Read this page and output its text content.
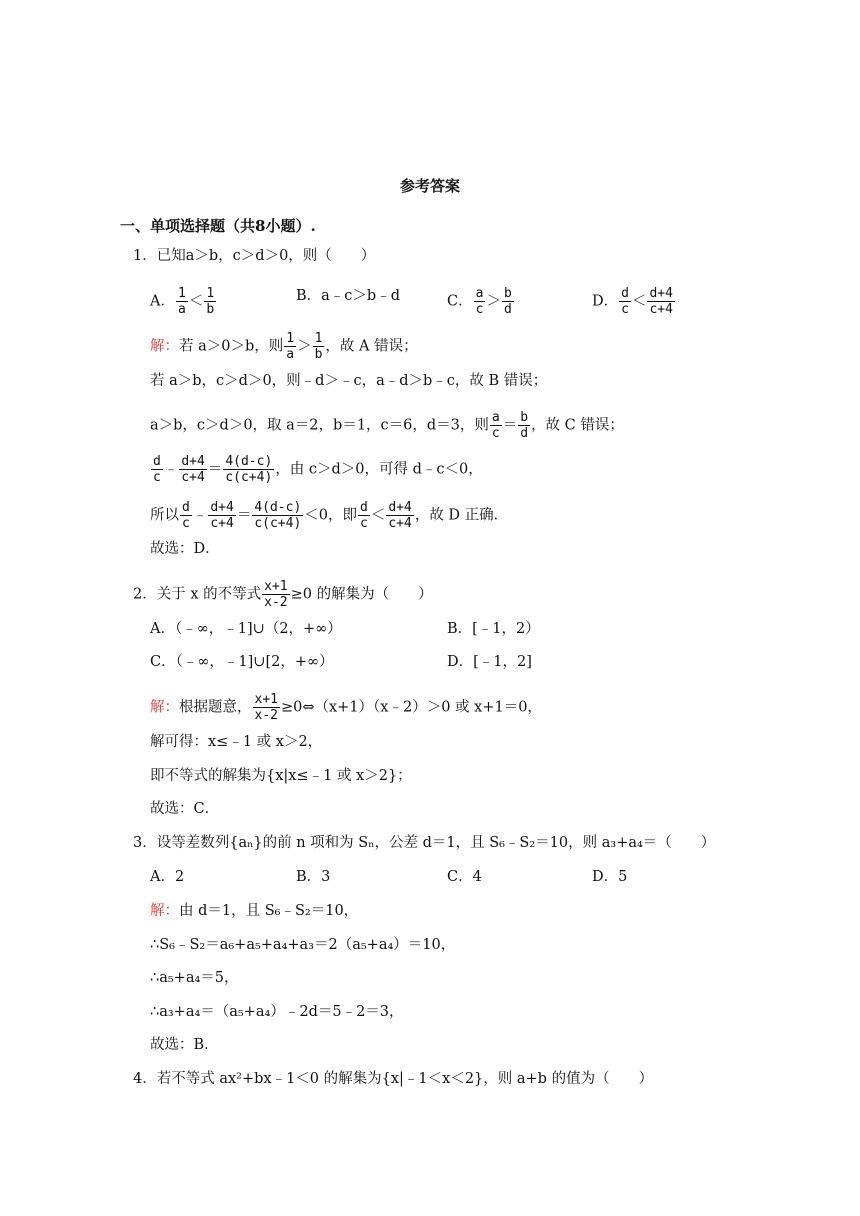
参考答案
一、单项选择题（共8小题）.
1．已知a＞b，c＞d＞0，则（　　）
A． $\frac{1}{a} < \frac{1}{b}$	B．a﹣c＞b﹣d	C． $\frac{a}{c} > \frac{b}{d}$	D． $\frac{d}{c} < \frac{d+4}{c+4}$
解：若 a＞0＞b，则 $\frac{1}{a} > \frac{1}{b}$ ，故 A 错误；
若 a＞b，c＞d＞0，则﹣d＞﹣c，a﹣d＞b﹣c，故 B 错误；
a＞b，c＞d＞0，取 a＝2，b＝1，c＝6，d＝3，则 $\frac{a}{c} = \frac{b}{d}$ ，故 C 错误；
$\frac{d}{c}$ ﹣ $\frac{d+4}{c+4} = \frac{4(d-c)}{c(c+4)}$ ，由 c＞d＞0，可得 d﹣c＜0，
所以 $\frac{d}{c}$ ﹣ $\frac{d+4}{c+4} = \frac{4(d-c)}{c(c+4)} <0$，即 $\frac{d}{c} < \frac{d+4}{c+4}$ ，故 D 正确．
故选：D．
2．关于 x 的不等式 $\frac{x+1}{x-2} \ge 0$ 的解集为（　　）
A．（﹣∞，﹣1]∪（2，+∞）	B．[﹣1，2）
C．（﹣∞，﹣1]∪[2，+∞）	D．[﹣1，2]
解：根据题意， $\frac{x+1}{x-2}$ ≥0⇔（x+1）（x﹣2）＞0 或 x+1＝0，
解可得：x≤﹣1 或 x＞2，
即不等式的解集为{x|x≤﹣1 或 x＞2}；
故选：C．
3．设等差数列{aₙ}的前 n 项和为 Sₙ，公差 d＝1，且 S₆﹣S₂＝10，则 a₃+a₄＝（　　）
A．2	B．3	C．4	D．5
解：由 d＝1，且 S₆﹣S₂＝10，
∴S₆﹣S₂＝a₆+a₅+a₄+a₃＝2（a₅+a₄）＝10，
∴a₅+a₄＝5，
∴a₃+a₄＝（a₅+a₄）﹣2d＝5﹣2＝3，
故选：B．
4．若不等式 ax²+bx﹣1＜0 的解集为{x|﹣1＜x＜2}，则 a+b 的值为（　　）
